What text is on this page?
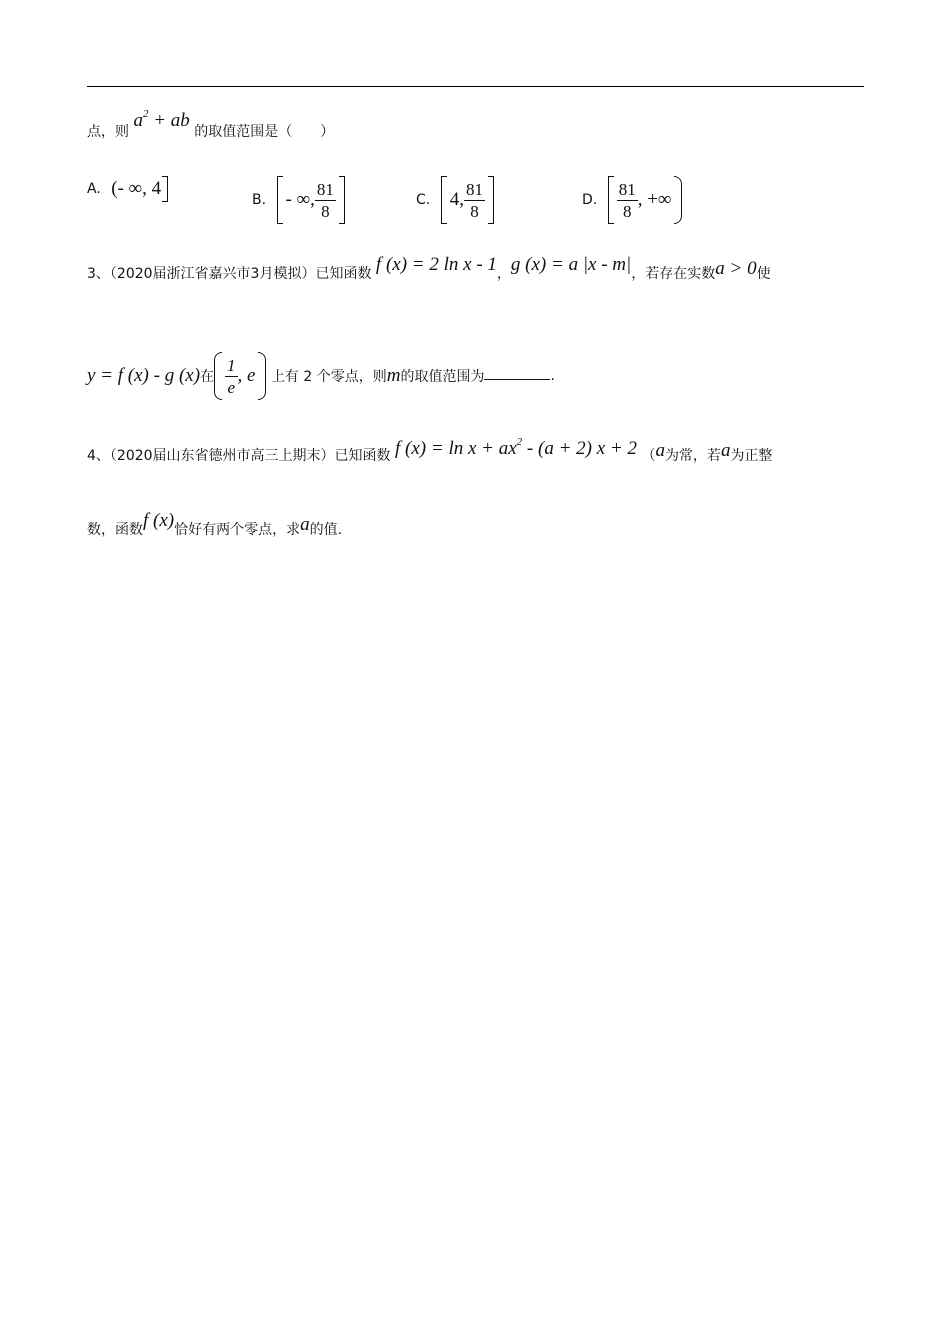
点，则 $a^2$ + ab 的取值范围是（　　）
A. (- ∞, 4
B. - ∞, $\frac{81}{8}$	C. 4, $\frac{81}{8}$	D. $\frac{81}{8}$ , +∞
3、（2020届浙江省嘉兴市3月模拟）已知函数 f (x) = 2 ln x - 1，g (x) = a |x - m|，若存在实数a > 0使
y = f (x) - g (x)在 $\frac{1}{e}$ , e 上有 2 个零点，则m的取值范围为	.
4、（2020届山东省德州市高三上期末）已知函数 f $(x) = \ln x + ax^2 - (a + 2) x + 2$ （a为常，若a为正整
数，函数f (x)恰好有两个零点，求a的值.
